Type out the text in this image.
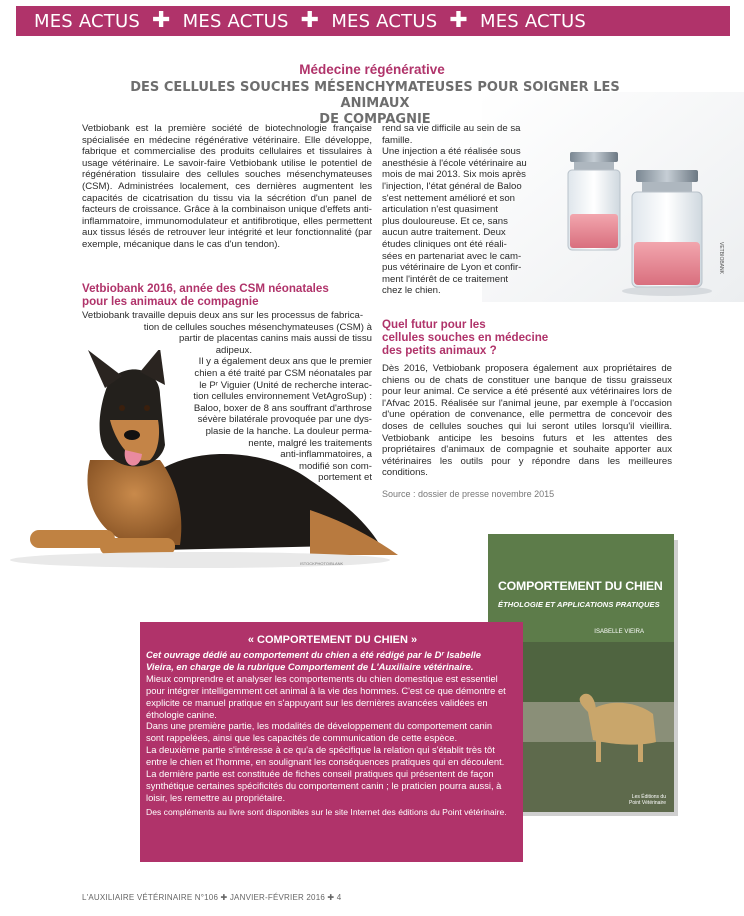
MES ACTUS ✚ MES ACTUS ✚ MES ACTUS ✚ MES ACTUS
VETBIOBANK
Médecine régénérative
DES CELLULES SOUCHES MÉSENCHYMATEUSES POUR SOIGNER LES ANIMAUX
DE COMPAGNIE
Vetbiobank est la première société de biotechnologie française spécialisée en médecine régénérative vétérinaire. Elle développe, fabrique et commercialise des produits cellulaires et tissulaires à usage vétérinaire. Le savoir-faire Vetbiobank utilise le potentiel de régénération tissulaire des cellules souches mésenchymateuses (CSM). Administrées localement, ces dernières augmentent les capacités de cicatrisation du tissu via la sécrétion d'un panel de facteurs de croissance. Grâce à la combinaison unique d'effets anti-inflammatoire, immunomodulateur et antifibrotique, elles permettent aux tissus lésés de retrouver leur intégrité et leur fonctionnalité (par exemple, mécanique dans le cas d'un tendon).
Vetbiobank 2016, année des CSM néonatales
pour les animaux de compagnie
Vetbiobank travaille depuis deux ans sur les processus de fabrica-
tion de cellules souches mésenchymateuses (CSM) à
partir de placentas canins mais aussi de tissu
adipeux.
Il y a également deux ans que le premier
chien a été traité par CSM néonatales par
le Pʳ Viguier (Unité de recherche interac-
tion cellules environnement VetAgroSup) :
Baloo, boxer de 8 ans souffrant d'arthrose
sévère bilatérale provoquée par une dys-
plasie de la hanche. La douleur perma-
nente, malgré les traitements
anti-inflammatoires, a
modifié son com-
portement et
ISTOCKPHOTO/BLANK
rend sa vie difficile au sein de sa famille.
Une injection a été réalisée sous
anesthésie à l'école vétérinaire au
mois de mai 2013. Six mois après
l'injection, l'état général de Baloo
s'est nettement amélioré et son
articulation n'est quasiment
plus douloureuse. Et ce, sans
aucun autre traitement. Deux
études cliniques ont été réali-
sées en partenariat avec le cam-
pus vétérinaire de Lyon et confir-
ment l'intérêt de ce traitement
chez le chien.
Quel futur pour les
cellules souches en médecine
des petits animaux ?
Dès 2016, Vetbiobank proposera également aux propriétaires de chiens ou de chats de constituer une banque de tissu graisseux pour leur animal. Ce service a été présenté aux vétérinaires lors de l'Afvac 2015. Réalisée sur l'animal jeune, par exemple à l'occasion d'une opération de convenance, elle permettra de concevoir des doses de cellules souches qui lui seront utiles lorsqu'il vieillira. Vetbiobank anticipe les besoins futurs et les attentes des propriétaires d'animaux de compagnie et souhaite apporter aux vétérinaires les outils pour y répondre dans les meilleures conditions.
Source : dossier de presse novembre 2015
COMPORTEMENT DU CHIEN
ÉTHOLOGIE ET APPLICATIONS PRATIQUES
ISABELLE VIEIRA
Les Éditions du
Point Vétérinaire
« COMPORTEMENT DU CHIEN »

Cet ouvrage dédié au comportement du chien a été rédigé par le Dʳ Isabelle Vieira, en charge de la rubrique Comportement de L'Auxiliaire vétérinaire.

Mieux comprendre et analyser les comportements du chien domestique est essentiel pour intégrer intelligemment cet animal à la vie des hommes. C'est ce que démontre et explicite ce manuel pratique en s'appuyant sur les dernières avancées validées en éthologie canine.

Dans une première partie, les modalités de développement du comportement canin sont rappelées, ainsi que les capacités de communication de cette espèce.

La deuxième partie s'intéresse à ce qu'a de spécifique la relation qui s'établit très tôt entre le chien et l'homme, en soulignant les conséquences pratiques qui en découlent. La dernière partie est constituée de fiches conseil pratiques qui présentent de façon synthétique certaines spécificités du comportement canin ; le praticien pourra aussi, à loisir, les remettre au propriétaire.

Des compléments au livre sont disponibles sur le site Internet des éditions du Point vétérinaire.

L'AUXILIAIRE VÉTÉRINAIRE N°106 ✚ JANVIER-FÉVRIER 2016 ✚ 4
